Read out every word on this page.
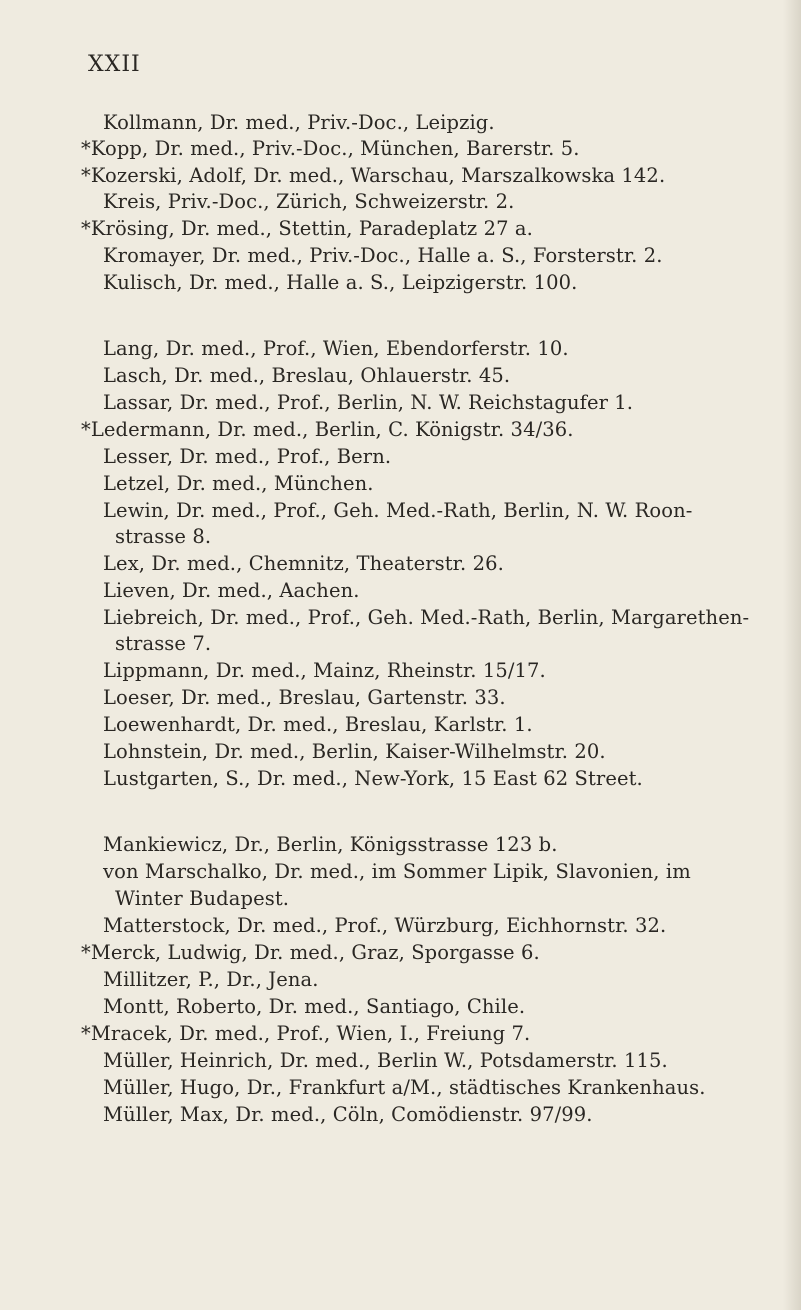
XXII
Kollmann, Dr. med., Priv.-Doc., Leipzig.
*Kopp, Dr. med., Priv.-Doc., München, Barerstr. 5.
*Kozerski, Adolf, Dr. med., Warschau, Marszalkowska 142.
Kreis, Priv.-Doc., Zürich, Schweizerstr. 2.
*Krösing, Dr. med., Stettin, Paradeplatz 27 a.
Kromayer, Dr. med., Priv.-Doc., Halle a. S., Forsterstr. 2.
Kulisch, Dr. med., Halle a. S., Leipzigerstr. 100.
Lang, Dr. med., Prof., Wien, Ebendorferstr. 10.
Lasch, Dr. med., Breslau, Ohlauerstr. 45.
Lassar, Dr. med., Prof., Berlin, N. W. Reichstagufer 1.
*Ledermann, Dr. med., Berlin, C. Königstr. 34/36.
Lesser, Dr. med., Prof., Bern.
Letzel, Dr. med., München.
Lewin, Dr. med., Prof., Geh. Med.-Rath, Berlin, N. W. Roon-
strasse 8.
Lex, Dr. med., Chemnitz, Theaterstr. 26.
Lieven, Dr. med., Aachen.
Liebreich, Dr. med., Prof., Geh. Med.-Rath, Berlin, Margarethen-
strasse 7.
Lippmann, Dr. med., Mainz, Rheinstr. 15/17.
Loeser, Dr. med., Breslau, Gartenstr. 33.
Loewenhardt, Dr. med., Breslau, Karlstr. 1.
Lohnstein, Dr. med., Berlin, Kaiser-Wilhelmstr. 20.
Lustgarten, S., Dr. med., New-York, 15 East 62 Street.
Mankiewicz, Dr., Berlin, Königsstrasse 123 b.
von Marschalko, Dr. med., im Sommer Lipik, Slavonien, im
Winter Budapest.
Matterstock, Dr. med., Prof., Würzburg, Eichhornstr. 32.
*Merck, Ludwig, Dr. med., Graz, Sporgasse 6.
Millitzer, P., Dr., Jena.
Montt, Roberto, Dr. med., Santiago, Chile.
*Mracek, Dr. med., Prof., Wien, I., Freiung 7.
Müller, Heinrich, Dr. med., Berlin W., Potsdamerstr. 115.
Müller, Hugo, Dr., Frankfurt a/M., städtisches Krankenhaus.
Müller, Max, Dr. med., Cöln, Comödienstr. 97/99.
